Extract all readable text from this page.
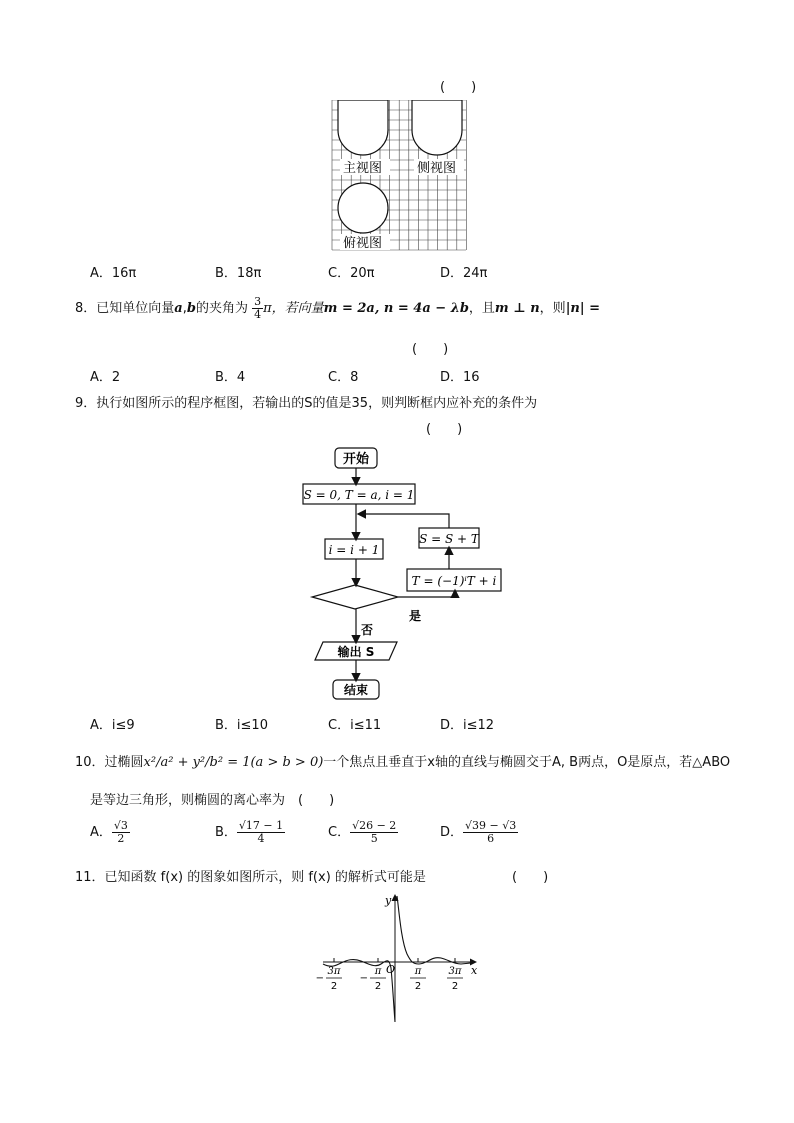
(　　)
主视图	侧视图
俯视图
A．16π	B．18π	C．20π	D．24π
8．已知单位向量a,b的夹角为 $\frac{3}{4}$ π，若向量m = 2a, n = 4a − λb，且m ⊥ n，则|n| =
(　　)
A．2	B．4	C．8	D．16
9．执行如图所示的程序框图，若输出的S的值是35，则判断框内应补充的条件为
(　　)
开始
S = 0, T = a, i = 1
i = i + 1
S = S + T
T = (−1)ⁱT + i
是
否
输出 S
结束
A．i≤9	B．i≤10	C．i≤11	D．i≤12
10．过椭圆x²/a² + y²/b² = 1(a > b > 0)一个焦点且垂直于x轴的直线与椭圆交于A, B两点，O是原点，若△ABO
是等边三角形，则椭圆的离心率为　(　　)
A． $\frac{√3}{2}$	B． $\frac{√17 - 1}{4}$	C． $\frac{√26 - 2}{5}$	D． $\frac{√39 - √3}{6}$
11．已知函数 f(x) 的图象如图所示，则 f(x) 的解析式可能是	(　　)
y
x
O
3π
2
−
π
2
−
π
2
3π
2
